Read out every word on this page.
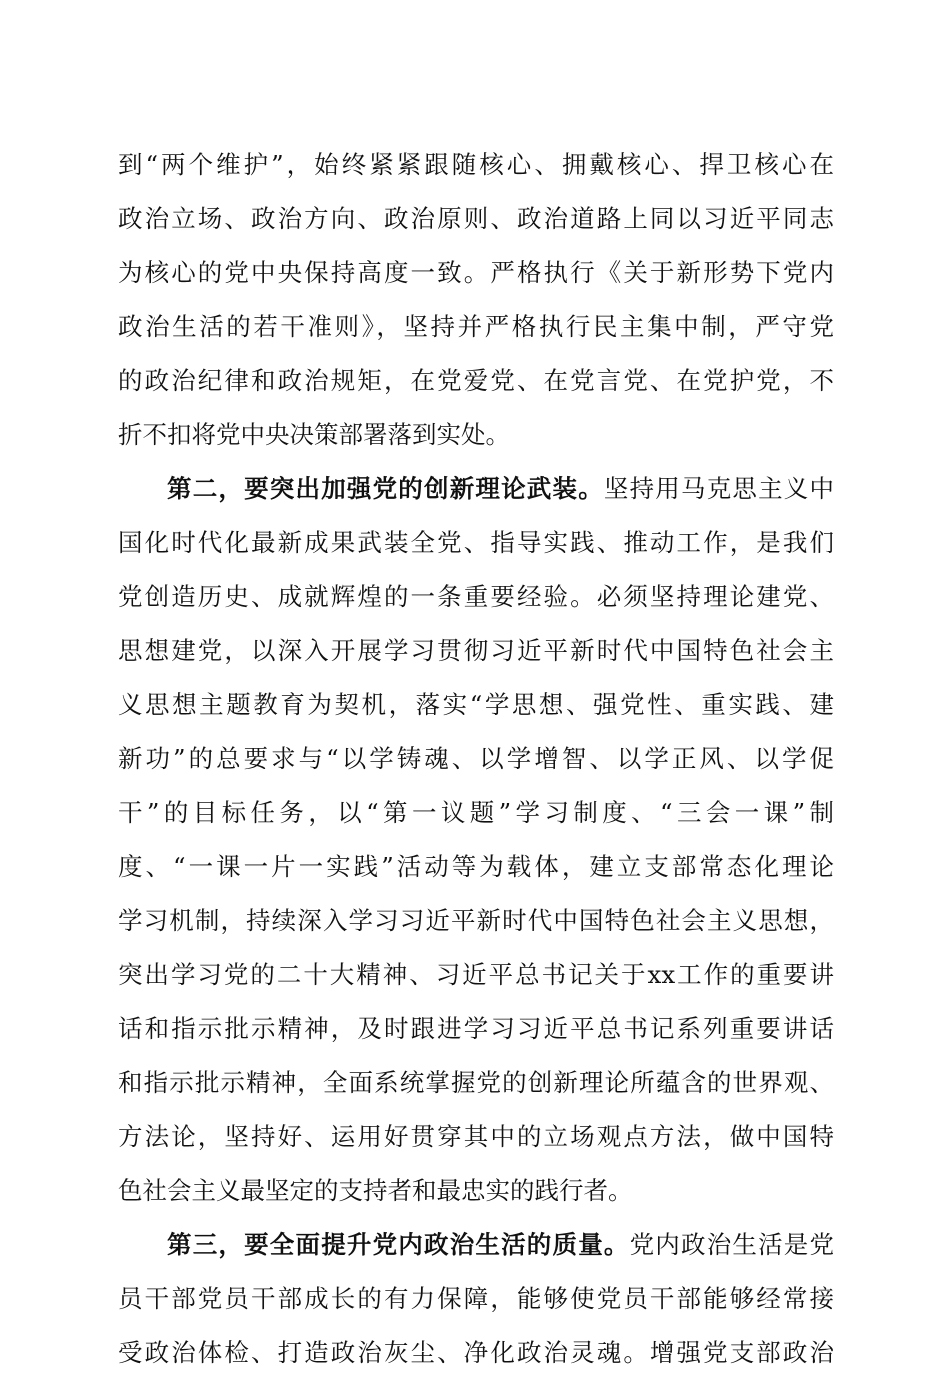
到“两个维护”，始终紧紧跟随核心、拥戴核心、捍卫核心在
政治立场、政治方向、政治原则、政治道路上同以习近平同志
为核心的党中央保持高度一致。严格执行《关于新形势下党内
政治生活的若干准则》，坚持并严格执行民主集中制，严守党
的政治纪律和政治规矩，在党爱党、在党言党、在党护党，不
折不扣将党中央决策部署落到实处。
第二，要突出加强党的创新理论武装。坚持用马克思主义中
国化时代化最新成果武装全党、指导实践、推动工作，是我们
党创造历史、成就辉煌的一条重要经验。必须坚持理论建党、
思想建党，以深入开展学习贯彻习近平新时代中国特色社会主
义思想主题教育为契机，落实“学思想、强党性、重实践、建
新功”的总要求与“以学铸魂、以学增智、以学正风、以学促
干”的目标任务，以“第一议题”学习制度、“三会一课”制
度、“一课一片一实践”活动等为载体，建立支部常态化理论
学习机制，持续深入学习习近平新时代中国特色社会主义思想，
突出学习党的二十大精神、习近平总书记关于xx工作的重要讲
话和指示批示精神，及时跟进学习习近平总书记系列重要讲话
和指示批示精神，全面系统掌握党的创新理论所蕴含的世界观、
方法论，坚持好、运用好贯穿其中的立场观点方法，做中国特
色社会主义最坚定的支持者和最忠实的践行者。
第三，要全面提升党内政治生活的质量。党内政治生活是党
员干部党员干部成长的有力保障，能够使党员干部能够经常接
受政治体检、打造政治灰尘、净化政治灵魂。增强党支部政治
